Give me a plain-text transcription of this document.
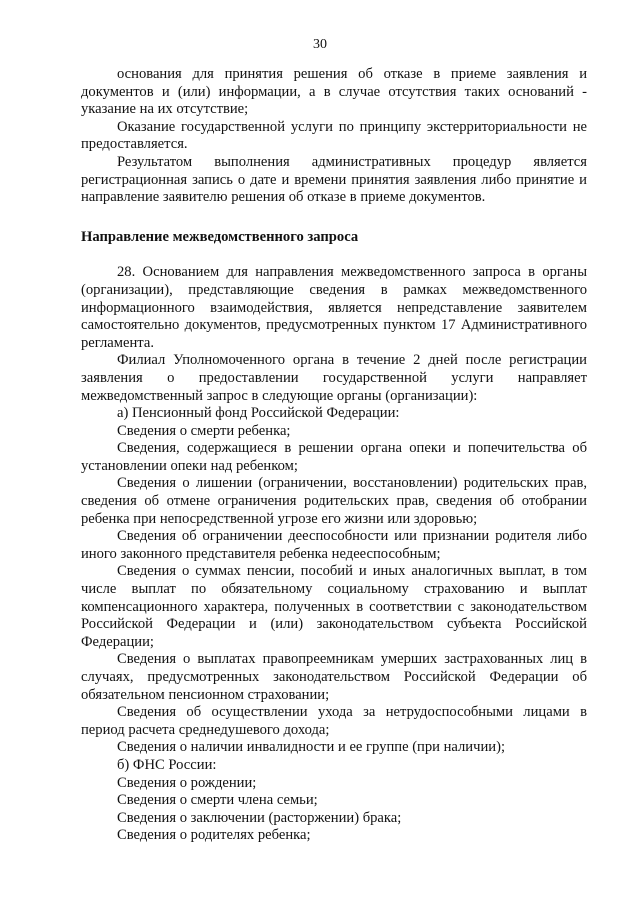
30

основания для принятия решения об отказе в приеме заявления и документов и (или) информации, а в случае отсутствия таких оснований - указание на их отсутствие;

Оказание государственной услуги по принципу экстерриториальности не предоставляется.

Результатом выполнения административных процедур является регистрационная запись о дате и времени принятия заявления либо принятие и направление заявителю решения об отказе в приеме документов.

Направление межведомственного запроса

28. Основанием для направления межведомственного запроса в органы (организации), представляющие сведения в рамках межведомственного информационного взаимодействия, является непредставление заявителем самостоятельно документов, предусмотренных пунктом 17 Административного регламента.

Филиал Уполномоченного органа в течение 2 дней после регистрации заявления о предоставлении государственной услуги направляет межведомственный запрос в следующие органы (организации):

а) Пенсионный фонд Российской Федерации:

Сведения о смерти ребенка;

Сведения, содержащиеся в решении органа опеки и попечительства об установлении опеки над ребенком;

Сведения о лишении (ограничении, восстановлении) родительских прав, сведения об отмене ограничения родительских прав, сведения об отобрании ребенка при непосредственной угрозе его жизни или здоровью;

Сведения об ограничении дееспособности или признании родителя либо иного законного представителя ребенка недееспособным;

Сведения о суммах пенсии, пособий и иных аналогичных выплат, в том числе выплат по обязательному социальному страхованию и выплат компенсационного характера, полученных в соответствии с законодательством Российской Федерации и (или) законодательством субъекта Российской Федерации;

Сведения о выплатах правопреемникам умерших застрахованных лиц в случаях, предусмотренных законодательством Российской Федерации об обязательном пенсионном страховании;

Сведения об осуществлении ухода за нетрудоспособными лицами в период расчета среднедушевого дохода;

Сведения о наличии инвалидности и ее группе (при наличии);

б) ФНС России:

Сведения о рождении;

Сведения о смерти члена семьи;

Сведения о заключении (расторжении) брака;

Сведения о родителях ребенка;
